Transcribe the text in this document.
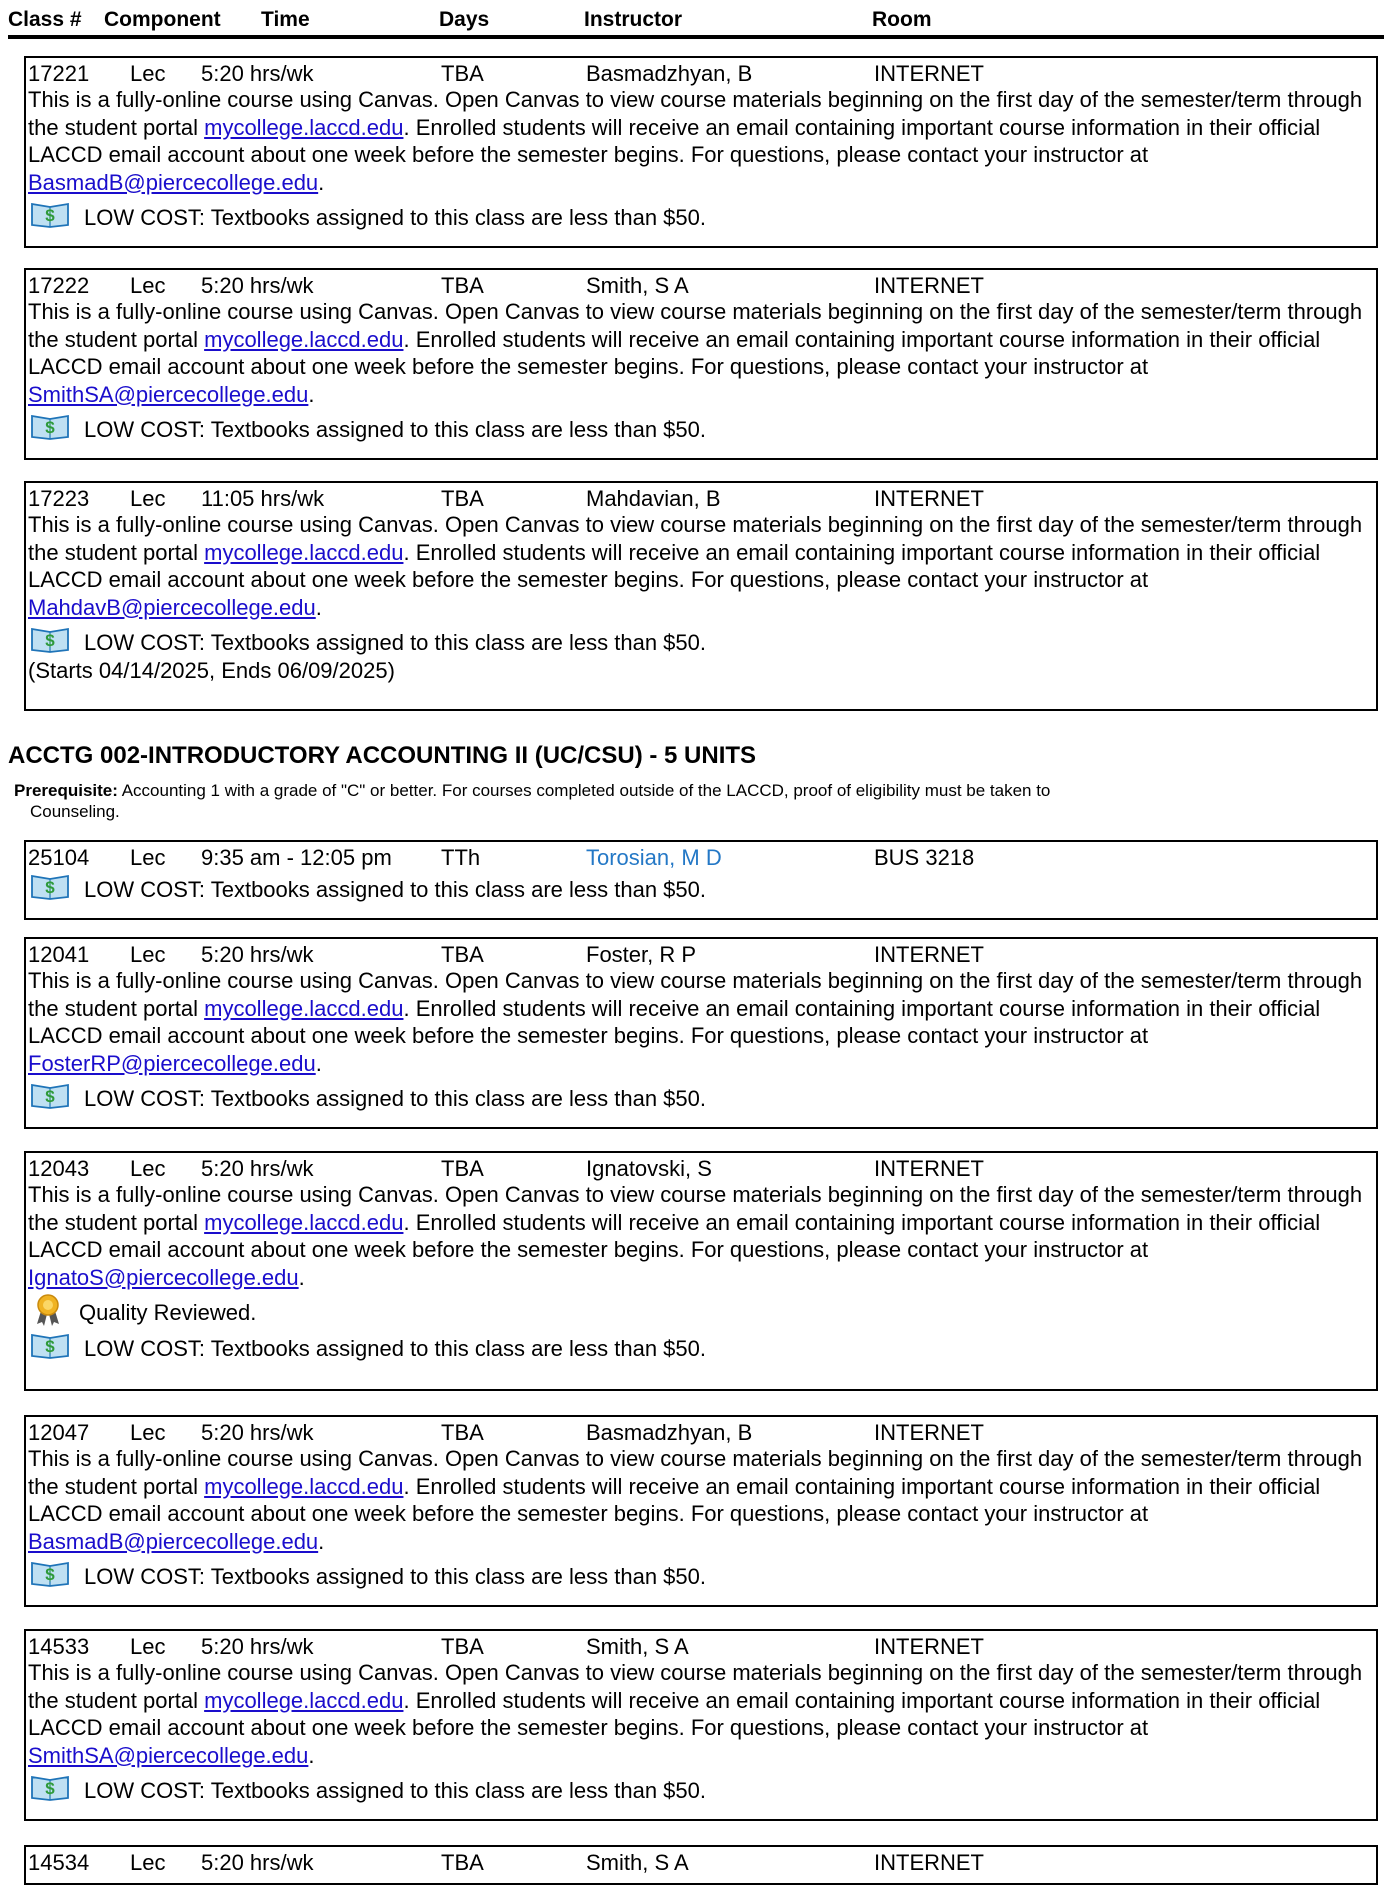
Class # Component Time	Days	Instructor	Room
17221 Lec 5:20 hrs/wk	TBA	Basmadzhyan, B	INTERNET
This is a fully-online course using Canvas. Open Canvas to view course materials beginning on the first day of the semester/term through the student portal mycollege.laccd.edu. Enrolled students will receive an email containing important course information in their official LACCD email account about one week before the semester begins. For questions, please contact your instructor at BasmadB@piercecollege.edu.
$ LOW COST: Textbooks assigned to this class are less than $50.
17222 Lec 5:20 hrs/wk	TBA	Smith, S A	INTERNET
This is a fully-online course using Canvas. Open Canvas to view course materials beginning on the first day of the semester/term through the student portal mycollege.laccd.edu. Enrolled students will receive an email containing important course information in their official LACCD email account about one week before the semester begins. For questions, please contact your instructor at SmithSA@piercecollege.edu.
$ LOW COST: Textbooks assigned to this class are less than $50.
17223 Lec 11:05 hrs/wk	TBA	Mahdavian, B	INTERNET
This is a fully-online course using Canvas. Open Canvas to view course materials beginning on the first day of the semester/term through the student portal mycollege.laccd.edu. Enrolled students will receive an email containing important course information in their official LACCD email account about one week before the semester begins. For questions, please contact your instructor at MahdavB@piercecollege.edu.
$ LOW COST: Textbooks assigned to this class are less than $50.
(Starts 04/14/2025, Ends 06/09/2025)
ACCTG 002-INTRODUCTORY ACCOUNTING II (UC/CSU) - 5 UNITS
Prerequisite: Accounting 1 with a grade of "C" or better. For courses completed outside of the LACCD, proof of eligibility must be taken to
Counseling.
25104 Lec 9:35 am - 12:05 pm TTh	Torosian, M D	BUS 3218
$ LOW COST: Textbooks assigned to this class are less than $50.
12041 Lec 5:20 hrs/wk	TBA	Foster, R P	INTERNET
This is a fully-online course using Canvas. Open Canvas to view course materials beginning on the first day of the semester/term through the student portal mycollege.laccd.edu. Enrolled students will receive an email containing important course information in their official LACCD email account about one week before the semester begins. For questions, please contact your instructor at FosterRP@piercecollege.edu.
$ LOW COST: Textbooks assigned to this class are less than $50.
12043 Lec 5:20 hrs/wk	TBA	Ignatovski, S	INTERNET
This is a fully-online course using Canvas. Open Canvas to view course materials beginning on the first day of the semester/term through the student portal mycollege.laccd.edu. Enrolled students will receive an email containing important course information in their official LACCD email account about one week before the semester begins. For questions, please contact your instructor at IgnatoS@piercecollege.edu.
Quality Reviewed.
$ LOW COST: Textbooks assigned to this class are less than $50.
12047 Lec 5:20 hrs/wk	TBA	Basmadzhyan, B	INTERNET
This is a fully-online course using Canvas. Open Canvas to view course materials beginning on the first day of the semester/term through the student portal mycollege.laccd.edu. Enrolled students will receive an email containing important course information in their official LACCD email account about one week before the semester begins. For questions, please contact your instructor at BasmadB@piercecollege.edu.
$ LOW COST: Textbooks assigned to this class are less than $50.
14533 Lec 5:20 hrs/wk	TBA	Smith, S A	INTERNET
This is a fully-online course using Canvas. Open Canvas to view course materials beginning on the first day of the semester/term through the student portal mycollege.laccd.edu. Enrolled students will receive an email containing important course information in their official LACCD email account about one week before the semester begins. For questions, please contact your instructor at SmithSA@piercecollege.edu.
$ LOW COST: Textbooks assigned to this class are less than $50.
14534 Lec 5:20 hrs/wk	TBA	Smith, S A	INTERNET
